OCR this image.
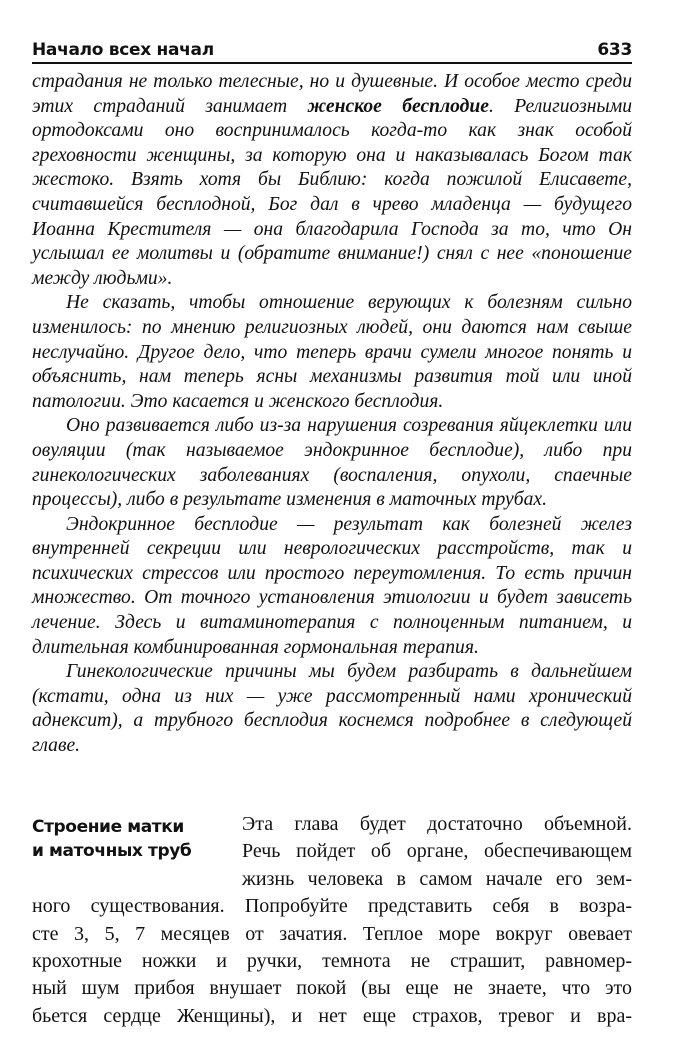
Начало всех начал	633

страдания не только телесные, но и душевные. И особое место среди этих страданий занимает женское бесплодие. Религиозными ортодоксами оно воспринималось когда-то как знак особой греховности женщины, за которую она и наказывалась Богом так жестоко. Взять хотя бы Библию: когда пожилой Елисавете, считавшейся бесплодной, Бог дал в чрево младенца — будущего Иоанна Крестителя — она благодарила Господа за то, что Он услышал ее молитвы и (обратите внимание!) снял с нее «поношение между людьми».

Не сказать, чтобы отношение верующих к болезням сильно изменилось: по мнению религиозных людей, они даются нам свыше неслучайно. Другое дело, что теперь врачи сумели многое понять и объяснить, нам теперь ясны механизмы развития той или иной патологии. Это касается и женского бесплодия.

Оно развивается либо из-за нарушения созревания яйцеклетки или овуляции (так называемое эндокринное бесплодие), либо при гинекологических заболеваниях (воспаления, опухоли, спаечные процессы), либо в результате изменения в маточных трубах.

Эндокринное бесплодие — результат как болезней желез внутренней секреции или неврологических расстройств, так и психических стрессов или простого переутомления. То есть причин множество. От точного установления этиологии и будет зависеть лечение. Здесь и витаминотерапия с полноценным питанием, и длительная комбинированная гормональная терапия.

Гинекологические причины мы будем разбирать в дальнейшем (кстати, одна из них — уже рассмотренный нами хронический аднексит), а трубного бесплодия коснемся подробнее в следующей главе.

Строение матки
и маточных труб
Эта глава будет достаточно объемной.
Речь пойдет об органе, обеспечивающем
жизнь человека в самом начале его зем-
ного существования. Попробуйте представить себя в возра-
сте 3, 5, 7 месяцев от зачатия. Теплое море вокруг овевает
крохотные ножки и ручки, темнота не страшит, равномер-
ный шум прибоя внушает покой (вы еще не знаете, что это
бьется сердце Женщины), и нет еще страхов, тревог и вра-
